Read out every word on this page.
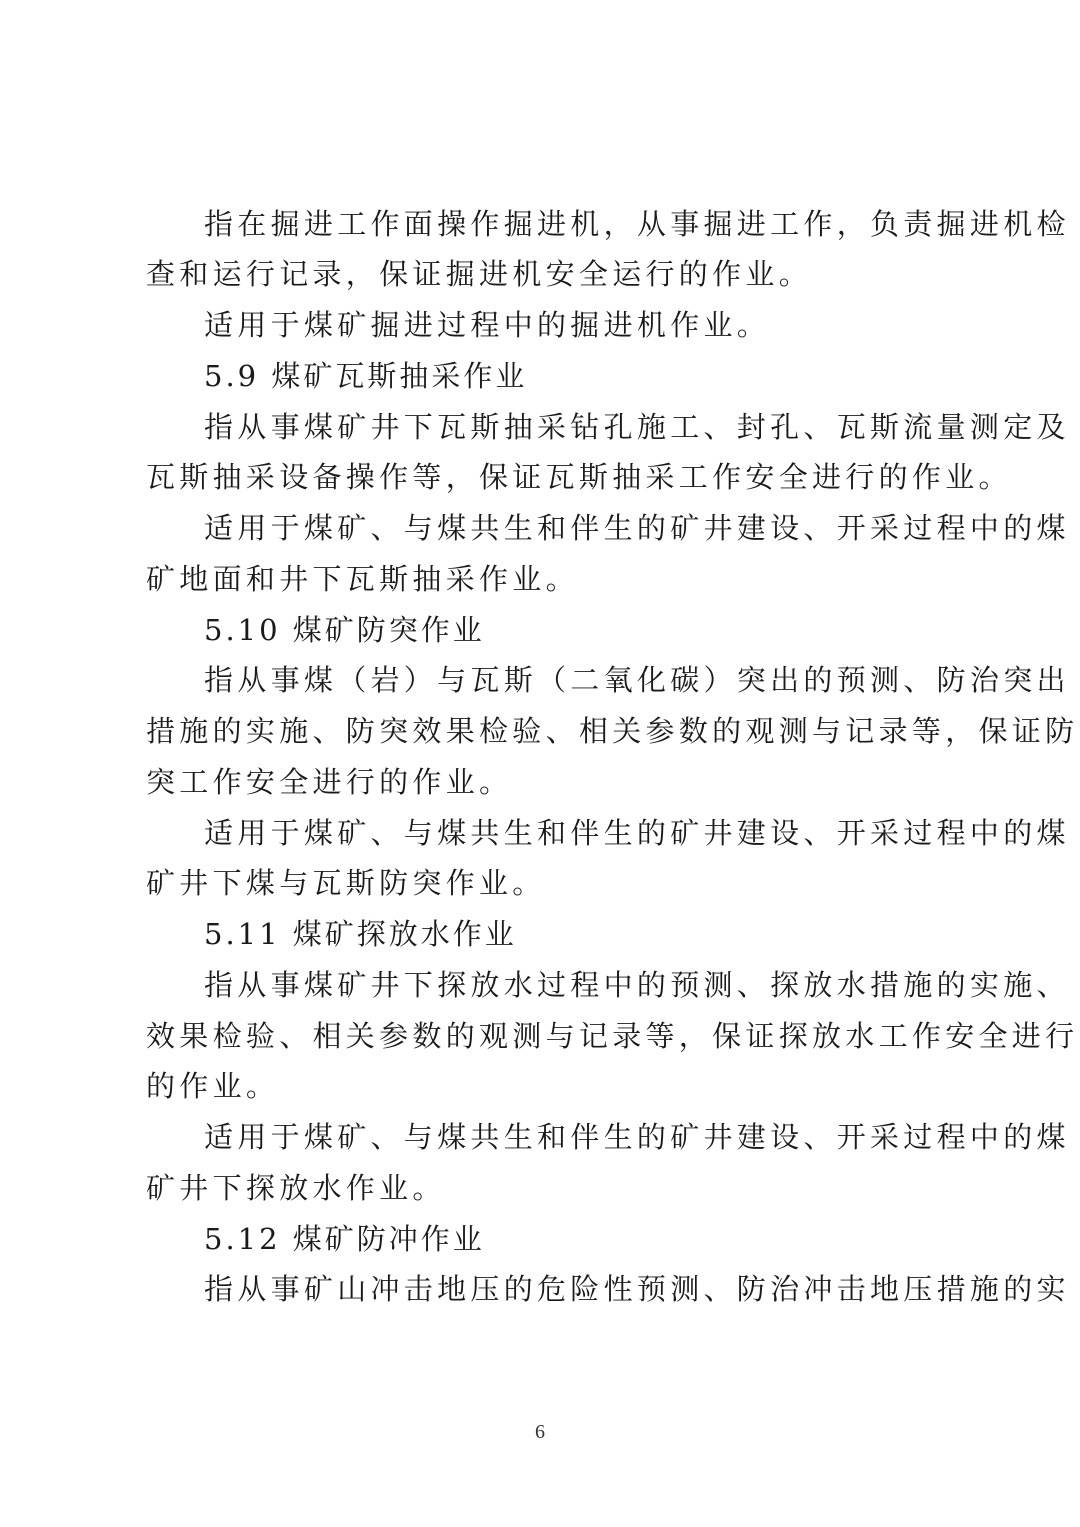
指在掘进工作面操作掘进机，从事掘进工作，负责掘进机检
查和运行记录，保证掘进机安全运行的作业。
适用于煤矿掘进过程中的掘进机作业。
5.9 煤矿瓦斯抽采作业
指从事煤矿井下瓦斯抽采钻孔施工、封孔、瓦斯流量测定及
瓦斯抽采设备操作等，保证瓦斯抽采工作安全进行的作业。
适用于煤矿、与煤共生和伴生的矿井建设、开采过程中的煤
矿地面和井下瓦斯抽采作业。
5.10 煤矿防突作业
指从事煤（岩）与瓦斯（二氧化碳）突出的预测、防治突出
措施的实施、防突效果检验、相关参数的观测与记录等，保证防
突工作安全进行的作业。
适用于煤矿、与煤共生和伴生的矿井建设、开采过程中的煤
矿井下煤与瓦斯防突作业。
5.11 煤矿探放水作业
指从事煤矿井下探放水过程中的预测、探放水措施的实施、
效果检验、相关参数的观测与记录等，保证探放水工作安全进行
的作业。
适用于煤矿、与煤共生和伴生的矿井建设、开采过程中的煤
矿井下探放水作业。
5.12 煤矿防冲作业
指从事矿山冲击地压的危险性预测、防治冲击地压措施的实
6
